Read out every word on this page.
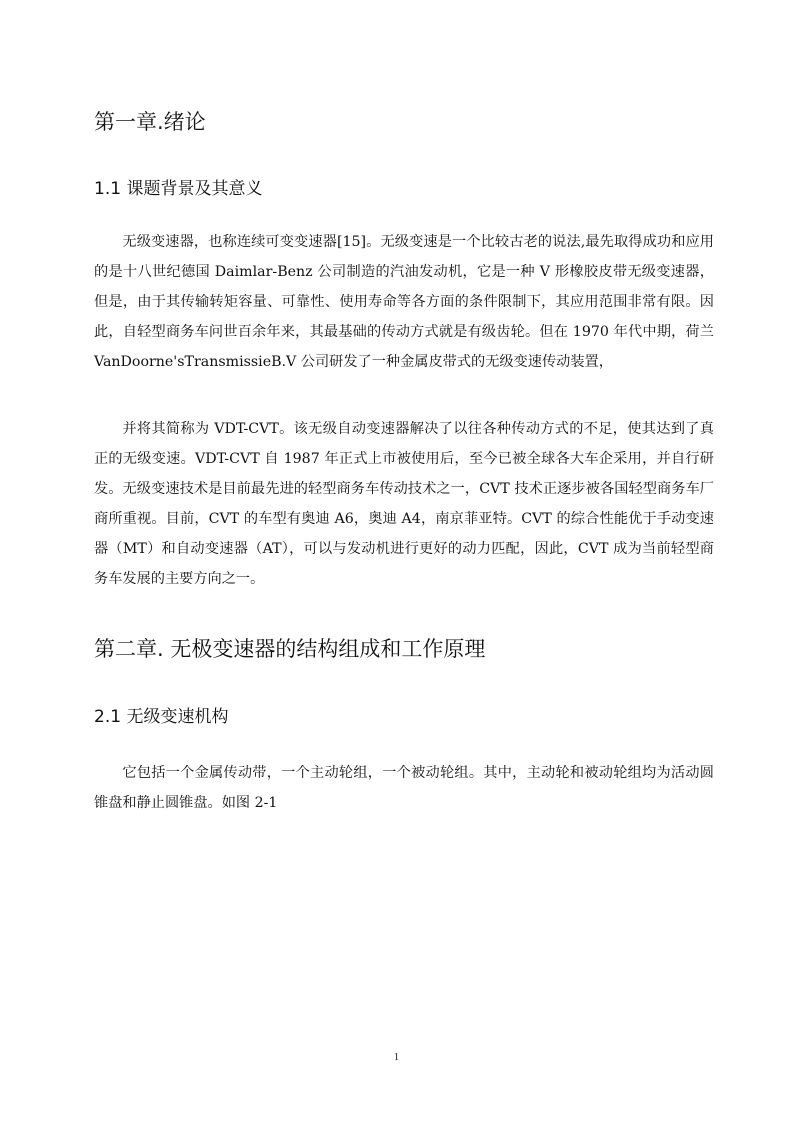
第一章.绪论
1.1 课题背景及其意义

无级变速器，也称连续可变变速器[15]。无级变速是一个比较古老的说法,最先取得成功和应用的是十八世纪德国 Daimlar-Benz 公司制造的汽油发动机，它是一种 V 形橡胶皮带无级变速器，但是，由于其传输转矩容量、可靠性、使用寿命等各方面的条件限制下，其应用范围非常有限。因此，自轻型商务车问世百余年来，其最基础的传动方式就是有级齿轮。但在 1970 年代中期，荷兰 VanDoorne'sTransmissieB.V 公司研发了一种金属皮带式的无级变速传动装置，

并将其简称为 VDT-CVT。该无级自动变速器解决了以往各种传动方式的不足，使其达到了真正的无级变速。VDT-CVT 自 1987 年正式上市被使用后，至今已被全球各大车企采用，并自行研发。无级变速技术是目前最先进的轻型商务车传动技术之一，CVT 技术正逐步被各国轻型商务车厂商所重视。目前，CVT 的车型有奥迪 A6，奥迪 A4，南京菲亚特。CVT 的综合性能优于手动变速器（MT）和自动变速器（AT），可以与发动机进行更好的动力匹配，因此，CVT 成为当前轻型商务车发展的主要方向之一。

第二章. 无极变速器的结构组成和工作原理
2.1 无级变速机构

它包括一个金属传动带，一个主动轮组，一个被动轮组。其中，主动轮和被动轮组均为活动圆锥盘和静止圆锥盘。如图 2-1

1
